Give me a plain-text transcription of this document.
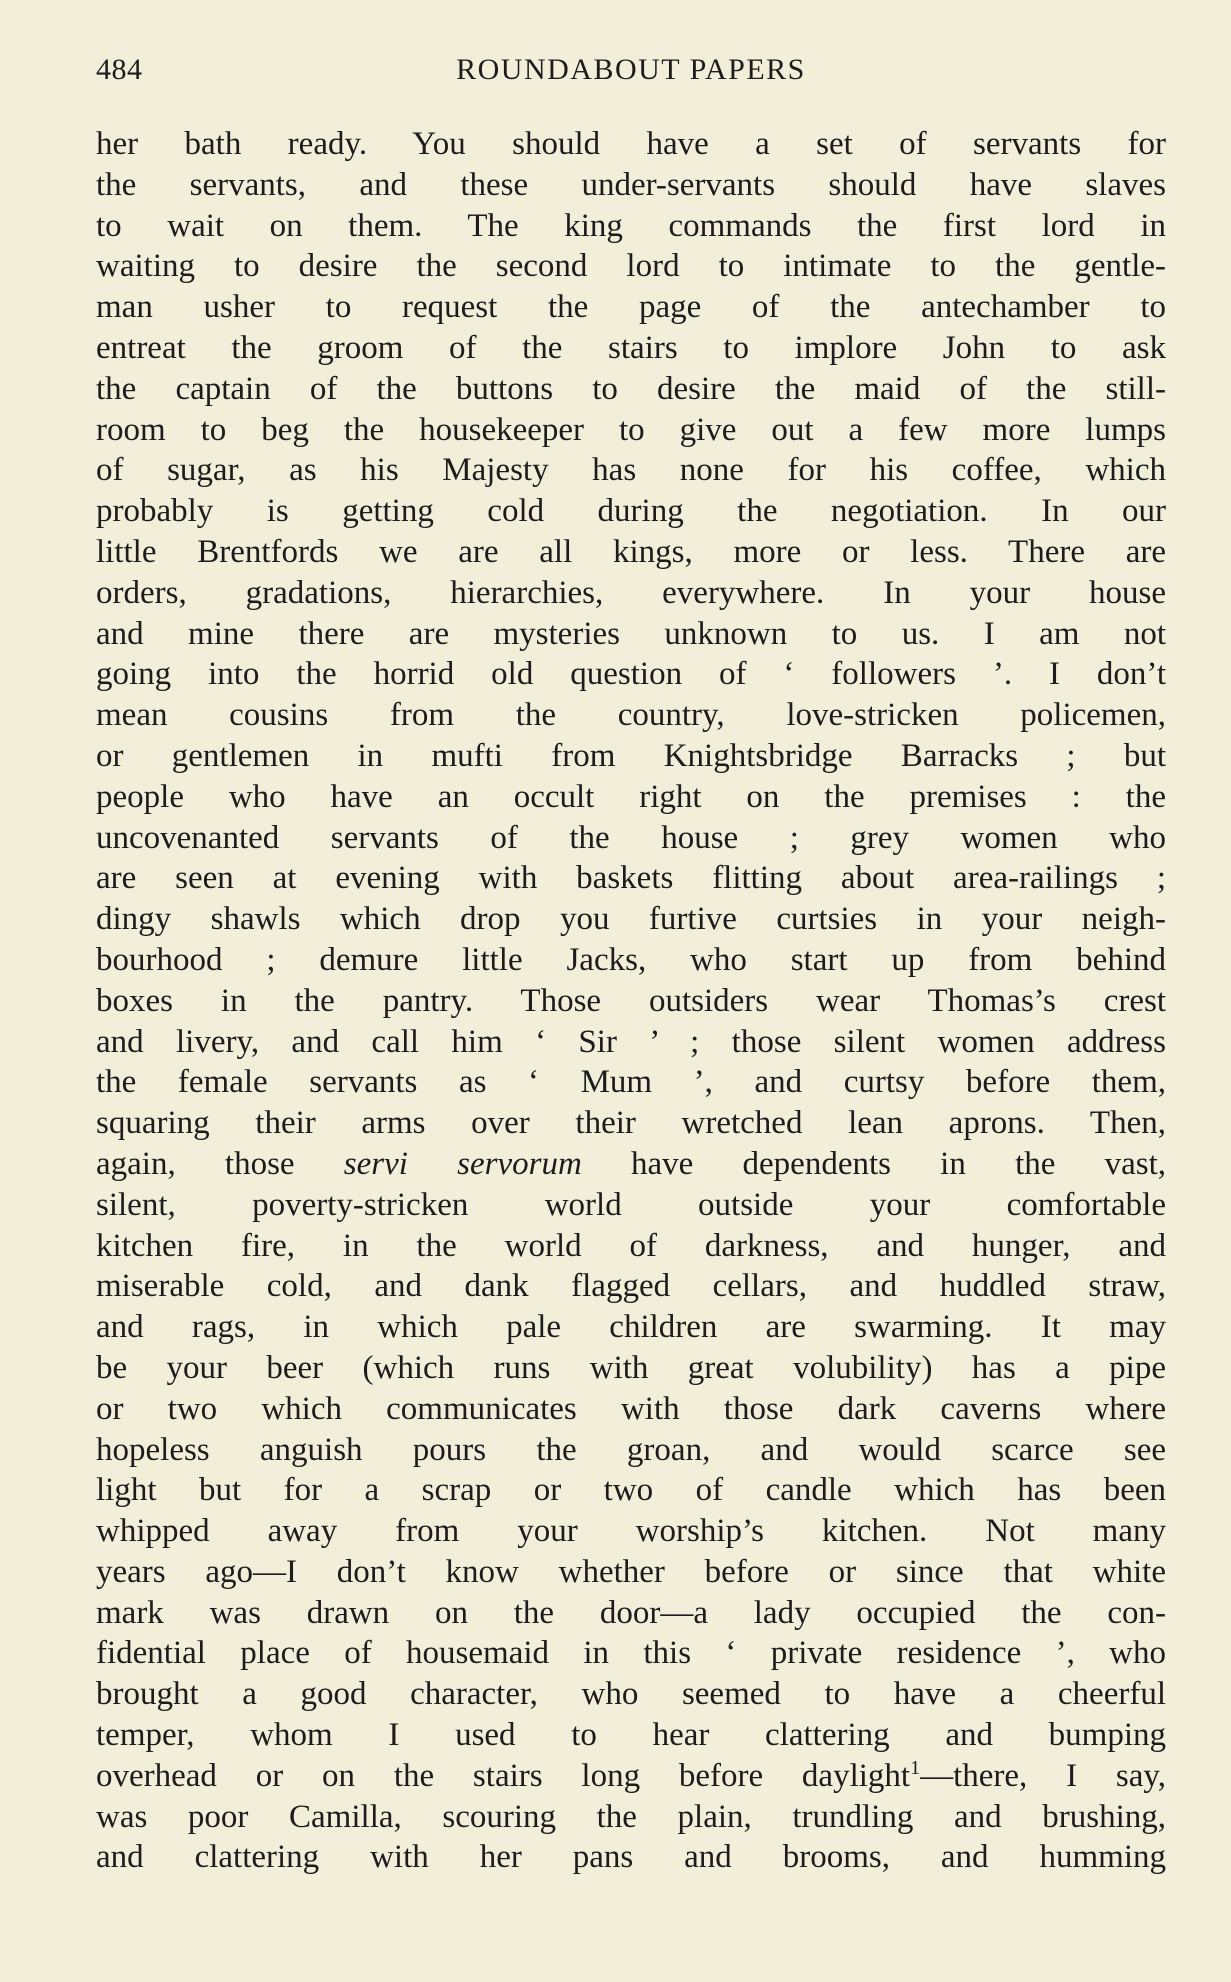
484	ROUNDABOUT PAPERS
her bath ready. You should have a set of servants for
the servants, and these under-servants should have slaves
to wait on them. The king commands the first lord in
waiting to desire the second lord to intimate to the gentle-
man usher to request the page of the antechamber to
entreat the groom of the stairs to implore John to ask
the captain of the buttons to desire the maid of the still-
room to beg the housekeeper to give out a few more lumps
of sugar, as his Majesty has none for his coffee, which
probably is getting cold during the negotiation. In our
little Brentfords we are all kings, more or less. There are
orders, gradations, hierarchies, everywhere. In your house
and mine there are mysteries unknown to us. I am not
going into the horrid old question of ‘ followers ’. I don’t
mean cousins from the country, love-stricken policemen,
or gentlemen in mufti from Knightsbridge Barracks ; but
people who have an occult right on the premises : the
uncovenanted servants of the house ; grey women who
are seen at evening with baskets flitting about area-railings ;
dingy shawls which drop you furtive curtsies in your neigh-
bourhood ; demure little Jacks, who start up from behind
boxes in the pantry. Those outsiders wear Thomas’s crest
and livery, and call him ‘ Sir ’ ; those silent women address
the female servants as ‘ Mum ’, and curtsy before them,
squaring their arms over their wretched lean aprons. Then,
again, those servi servorum have dependents in the vast,
silent, poverty-stricken world outside your comfortable
kitchen fire, in the world of darkness, and hunger, and
miserable cold, and dank flagged cellars, and huddled straw,
and rags, in which pale children are swarming. It may
be your beer (which runs with great volubility) has a pipe
or two which communicates with those dark caverns where
hopeless anguish pours the groan, and would scarce see
light but for a scrap or two of candle which has been
whipped away from your worship’s kitchen. Not many
years ago—I don’t know whether before or since that white
mark was drawn on the door—a lady occupied the con-
fidential place of housemaid in this ‘ private residence ’, who
brought a good character, who seemed to have a cheerful
temper, whom I used to hear clattering and bumping
overhead or on the stairs long before daylight$^1$—there, I say,
was poor Camilla, scouring the plain, trundling and brushing,
and clattering with her pans and brooms, and humming
